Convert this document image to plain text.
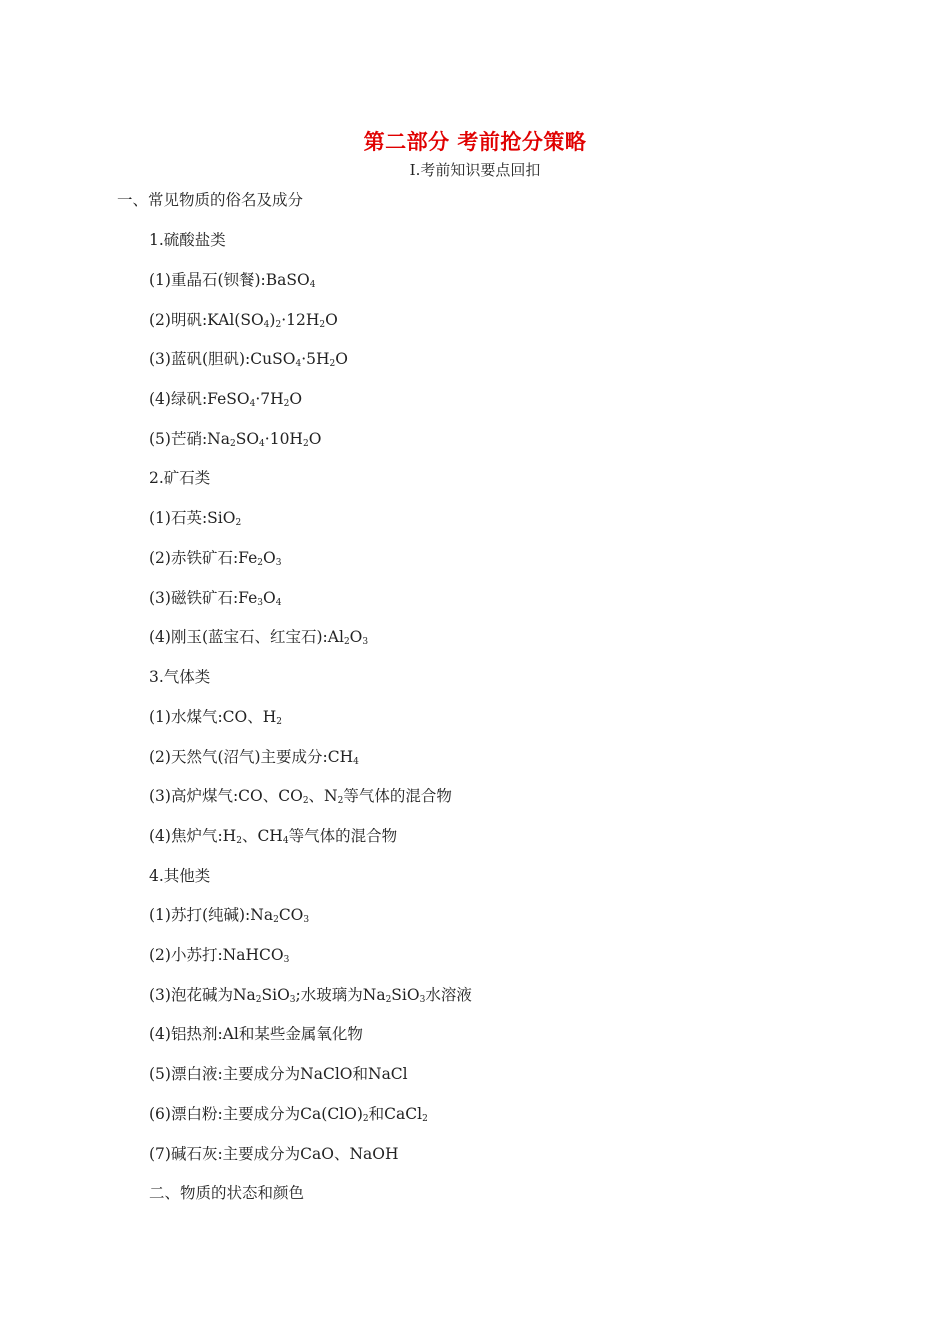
第二部分 考前抢分策略
Ⅰ.考前知识要点回扣
一、常见物质的俗名及成分
1.硫酸盐类
(1)重晶石(钡餐):BaSO$_4$
(2)明矾$:KAl(SO_4)_2\cdot 12H_2O$
(3)蓝矾(胆矾)$:CuSO_4\cdot 5H_2O$
(4)绿矾$:FeSO_4\cdot 7H_2O$
(5)芒硝$:Na_2SO_4\cdot 10H_2O$
2.矿石类
(1)石英:SiO$_2$
(2)赤铁矿石$:Fe_2O_3$
(3)磁铁矿石$:Fe_3O_4$
(4)刚玉(蓝宝石、红宝石)$:Al_2O_3$
3.气体类
(1)水煤气:CO、$H_2$
(2)天然气(沼气)主要成分$:CH_4$
(3)高炉煤气:CO、$CO_2$、$N_2$等气体的混合物
(4)焦炉气$:H_2$、$CH_4$等气体的混合物
4.其他类
(1)苏打(纯碱)$:Na_2CO_3$
(2)小苏打:NaHCO$_3$
(3)泡花碱为$Na_2SiO_3$;水玻璃为$Na_2SiO_3$水溶液
(4)铝热剂:Al和某些金属氧化物
(5)漂白液:主要成分为NaClO和NaCl
(6)漂白粉:主要成分为$Ca(ClO)_2$和CaCl$_2$
(7)碱石灰:主要成分为CaO、NaOH
二、物质的状态和颜色
